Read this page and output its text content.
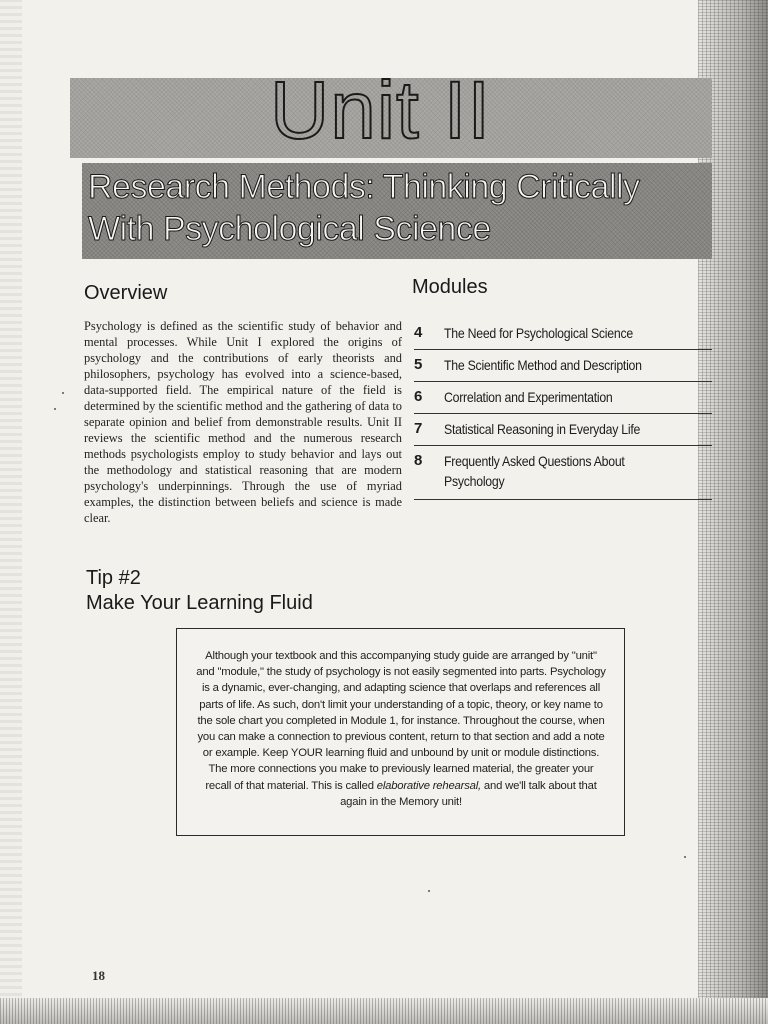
Unit II
Research Methods: Thinking Critically With Psychological Science
Overview

Psychology is defined as the scientific study of behavior and mental processes. While Unit I explored the origins of psychology and the contributions of early theorists and philosophers, psychology has evolved into a science-based, data-supported field. The empirical nature of the field is determined by the scientific method and the gathering of data to separate opinion and belief from demonstrable results. Unit II reviews the scientific method and the numerous research methods psychologists employ to study behavior and lays out the methodology and statistical reasoning that are modern psychology's underpinnings. Through the use of myriad examples, the distinction between beliefs and science is made clear.

Modules
4	The Need for Psychological Science
5	The Scientific Method and Description
6	Correlation and Experimentation
7	Statistical Reasoning in Everyday Life
8	Frequently Asked Questions About Psychology
Tip #2
Make Your Learning Fluid

Although your textbook and this accompanying study guide are arranged by "unit" and "module," the study of psychology is not easily segmented into parts. Psychology is a dynamic, ever-changing, and adapting science that overlaps and references all parts of life. As such, don't limit your understanding of a topic, theory, or key name to the sole chart you completed in Module 1, for instance. Throughout the course, when you can make a connection to previous content, return to that section and add a note or example. Keep YOUR learning fluid and unbound by unit or module distinctions. The more connections you make to previously learned material, the greater your recall of that material. This is called elaborative rehearsal, and we'll talk about that again in the Memory unit!

18
